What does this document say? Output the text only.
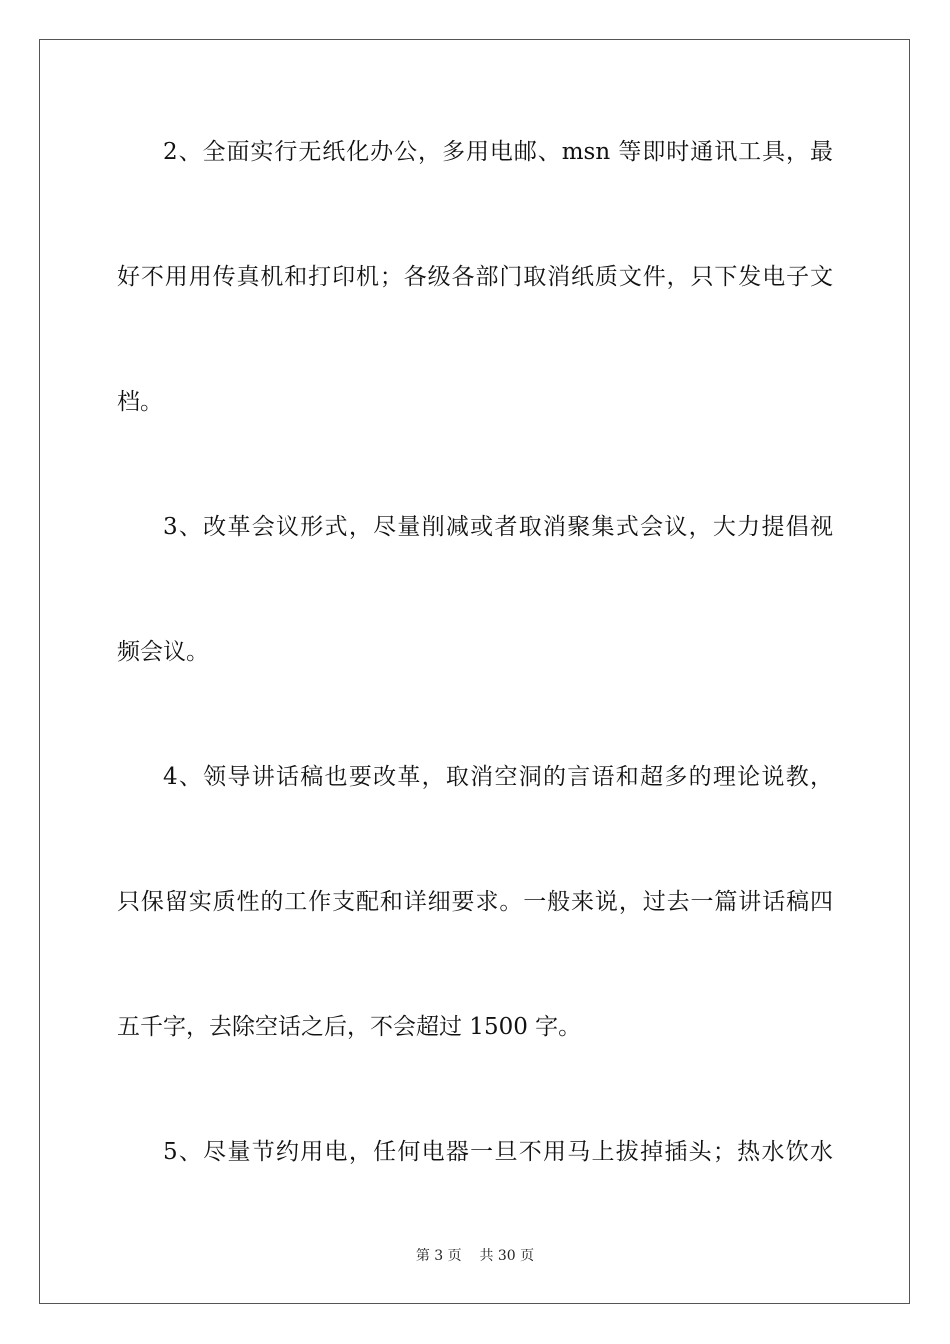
2、全面实行无纸化办公，多用电邮、msn 等即时通讯工具，最
好不用用传真机和打印机；各级各部门取消纸质文件，只下发电子文
档。
3、改革会议形式，尽量削减或者取消聚集式会议，大力提倡视
频会议。
4、领导讲话稿也要改革，取消空洞的言语和超多的理论说教，
只保留实质性的工作支配和详细要求。一般来说，过去一篇讲话稿四
五千字，去除空话之后，不会超过 1500 字。
5、尽量节约用电，任何电器一旦不用马上拔掉插头；热水饮水
第 3 页 共 30 页
